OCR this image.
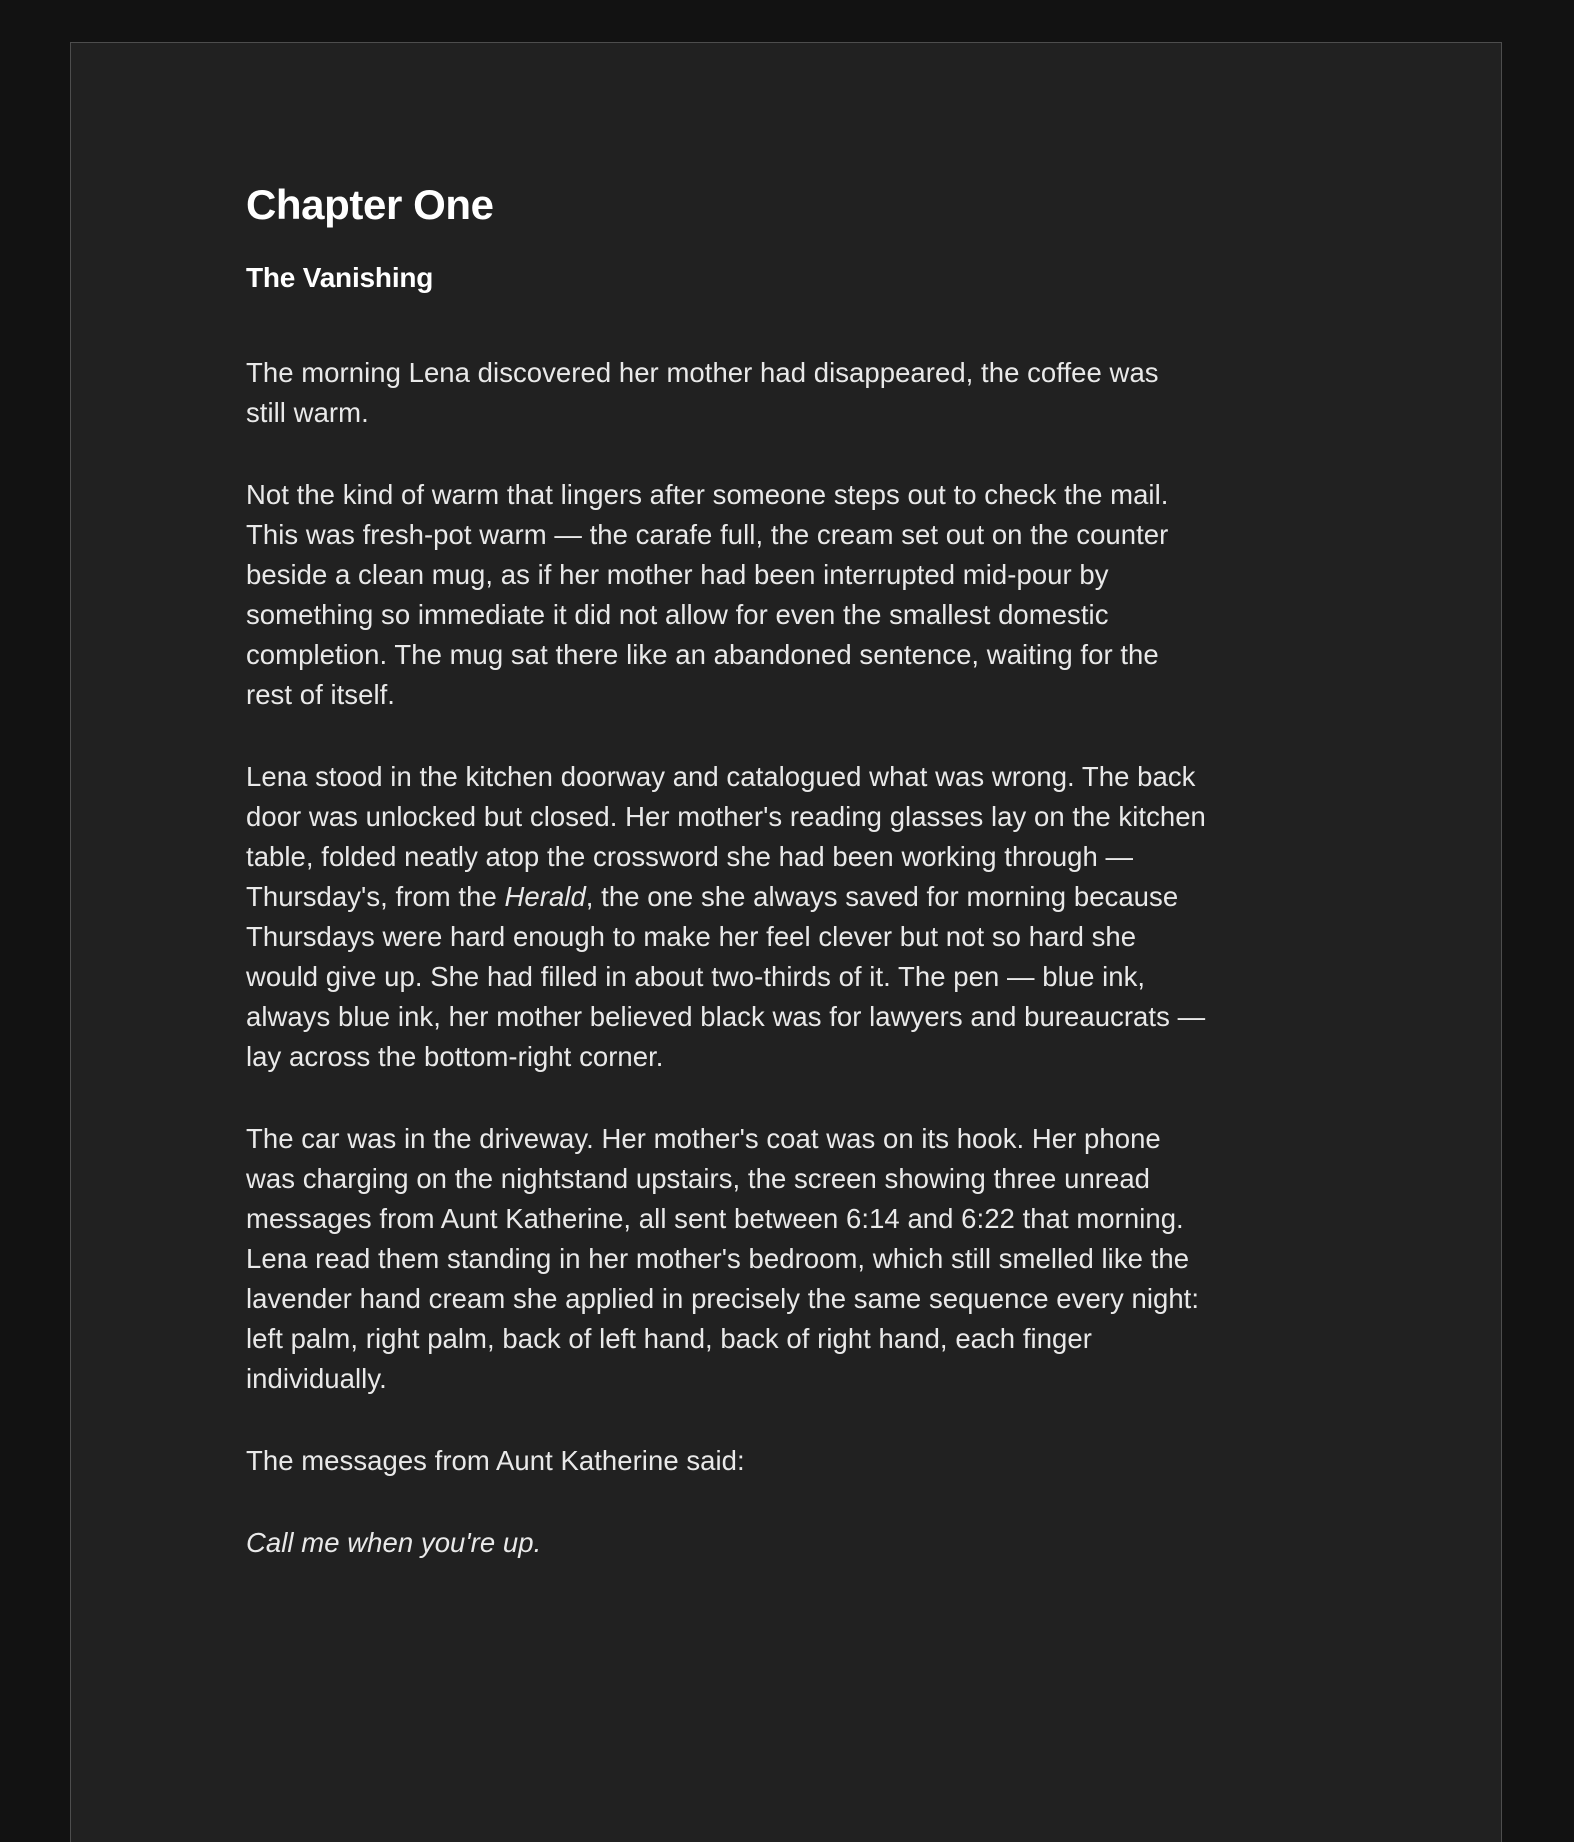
Chapter One
The Vanishing

The morning Lena discovered her mother had disappeared, the coffee was still warm.

Not the kind of warm that lingers after someone steps out to check the mail. This was fresh-pot warm — the carafe full, the cream set out on the counter beside a clean mug, as if her mother had been interrupted mid-pour by something so immediate it did not allow for even the smallest domestic completion. The mug sat there like an abandoned sentence, waiting for the rest of itself.

Lena stood in the kitchen doorway and catalogued what was wrong. The back door was unlocked but closed. Her mother's reading glasses lay on the kitchen table, folded neatly atop the crossword she had been working through — Thursday's, from the Herald, the one she always saved for morning because Thursdays were hard enough to make her feel clever but not so hard she would give up. She had filled in about two-thirds of it. The pen — blue ink, always blue ink, her mother believed black was for lawyers and bureaucrats — lay across the bottom-right corner.

The car was in the driveway. Her mother's coat was on its hook. Her phone was charging on the nightstand upstairs, the screen showing three unread messages from Aunt Katherine, all sent between 6:14 and 6:22 that morning. Lena read them standing in her mother's bedroom, which still smelled like the lavender hand cream she applied in precisely the same sequence every night: left palm, right palm, back of left hand, back of right hand, each finger individually.

The messages from Aunt Katherine said:

Call me when you're up.
